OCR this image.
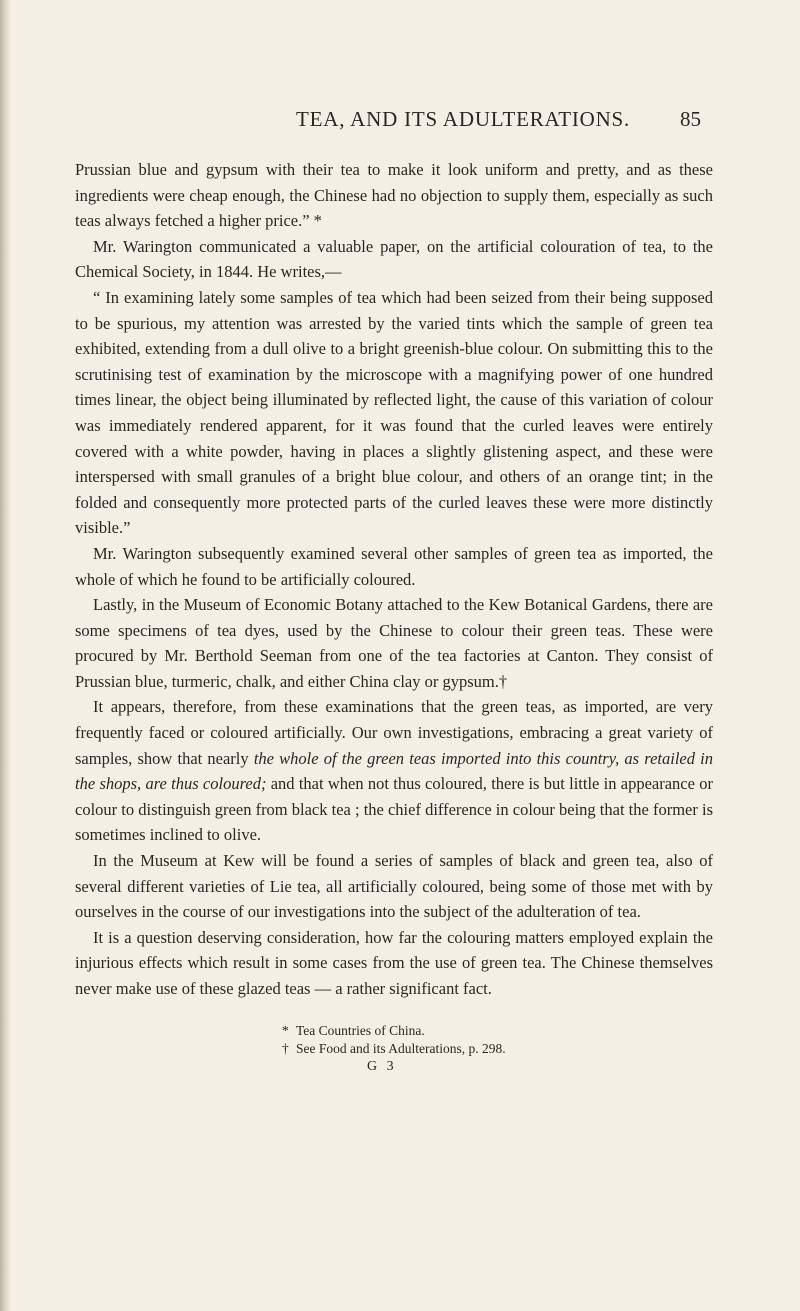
TEA, AND ITS ADULTERATIONS. 85

Prussian blue and gypsum with their tea to make it look uniform and pretty, and as these ingredients were cheap enough, the Chinese had no objection to supply them, especially as such teas always fetched a higher price.” *

Mr. Warington communicated a valuable paper, on the artificial colouration of tea, to the Chemical Society, in 1844. He writes,—

“ In examining lately some samples of tea which had been seized from their being supposed to be spurious, my attention was arrested by the varied tints which the sample of green tea exhibited, extending from a dull olive to a bright greenish-blue colour. On submitting this to the scrutinising test of examination by the microscope with a magnifying power of one hundred times linear, the object being illuminated by reflected light, the cause of this variation of colour was immediately rendered apparent, for it was found that the curled leaves were entirely covered with a white powder, having in places a slightly glistening aspect, and these were interspersed with small granules of a bright blue colour, and others of an orange tint; in the folded and consequently more protected parts of the curled leaves these were more distinctly visible.”

Mr. Warington subsequently examined several other samples of green tea as imported, the whole of which he found to be artificially coloured.

Lastly, in the Museum of Economic Botany attached to the Kew Botanical Gardens, there are some specimens of tea dyes, used by the Chinese to colour their green teas. These were procured by Mr. Berthold Seeman from one of the tea factories at Canton. They consist of Prussian blue, turmeric, chalk, and either China clay or gypsum.†

It appears, therefore, from these examinations that the green teas, as imported, are very frequently faced or coloured artificially. Our own investigations, embracing a great variety of samples, show that nearly the whole of the green teas imported into this country, as retailed in the shops, are thus coloured; and that when not thus coloured, there is but little in appearance or colour to distinguish green from black tea ; the chief difference in colour being that the former is sometimes inclined to olive.

In the Museum at Kew will be found a series of samples of black and green tea, also of several different varieties of Lie tea, all artificially coloured, being some of those met with by ourselves in the course of our investigations into the subject of the adulteration of tea.

It is a question deserving consideration, how far the colouring matters employed explain the injurious effects which result in some cases from the use of green tea. The Chinese themselves never make use of these glazed teas — a rather significant fact.

* Tea Countries of China.
† See Food and its Adulterations, p. 298.
G 3
